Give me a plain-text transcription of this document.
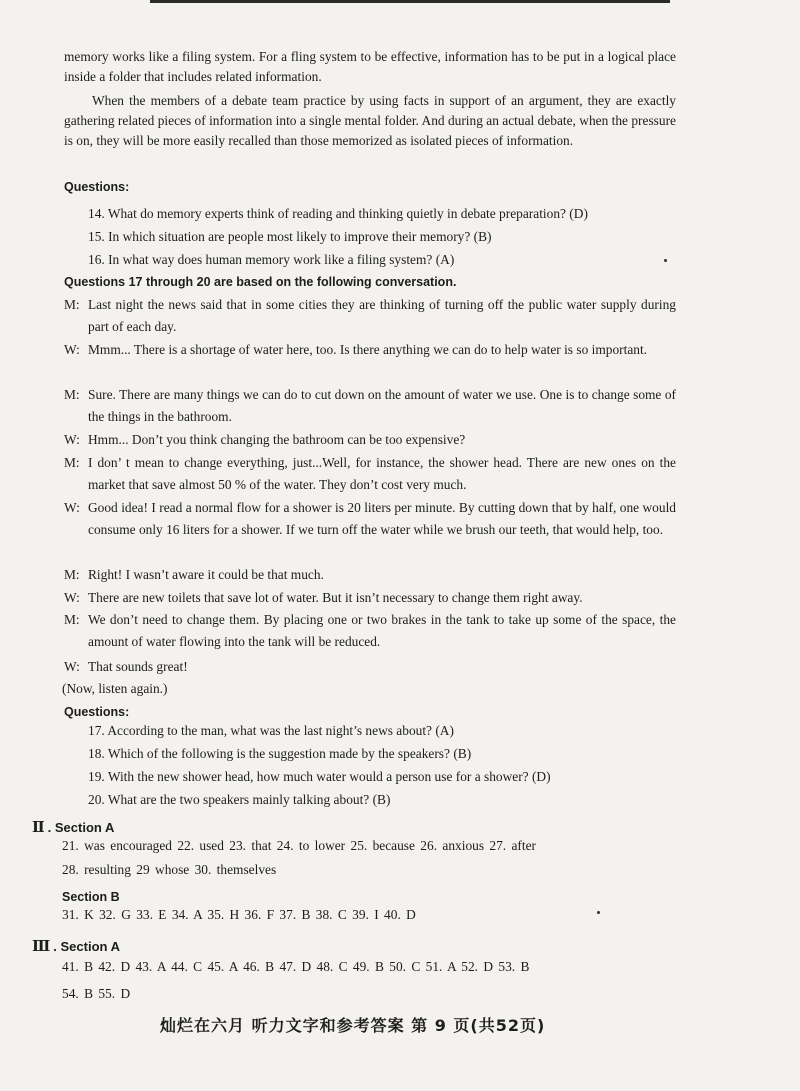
memory works like a filing system. For a fling system to be effective, information has to be put in a logical place inside a folder that includes related information.
When the members of a debate team practice by using facts in support of an argument, they are exactly gathering related pieces of information into a single mental folder. And during an actual debate, when the pressure is on, they will be more easily recalled than those memorized as isolated pieces of information.
Questions:
14. What do memory experts think of reading and thinking quietly in debate preparation? (D)
15. In which situation are people most likely to improve their memory? (B)
16. In what way does human memory work like a filing system? (A)
Questions 17 through 20 are based on the following conversation.
M: Last night the news said that in some cities they are thinking of turning off the public water supply during part of each day.
W: Mmm... There is a shortage of water here, too. Is there anything we can do to help water is so important.
M: Sure. There are many things we can do to cut down on the amount of water we use. One is to change some of the things in the bathroom.
W: Hmm... Don’t you think changing the bathroom can be too expensive?
M: I don’ t mean to change everything, just...Well, for instance, the shower head. There are new ones on the market that save almost 50 % of the water. They don’t cost very much.
W: Good idea! I read a normal flow for a shower is 20 liters per minute. By cutting down that by half, one would consume only 16 liters for a shower. If we turn off the water while we brush our teeth, that would help, too.
M: Right! I wasn’t aware it could be that much.
W: There are new toilets that save lot of water. But it isn’t necessary to change them right away.
M: We don’t need to change them. By placing one or two brakes in the tank to take up some of the space, the amount of water flowing into the tank will be reduced.
W: That sounds great!
(Now, listen again.)
Questions:
17. According to the man, what was the last night’s news about? (A)
18. Which of the following is the suggestion made by the speakers? (B)
19. With the new shower head, how much water would a person use for a shower? (D)
20. What are the two speakers mainly talking about? (B)
Ⅱ . Section A
21. was encouraged 22. used 23. that 24. to lower 25. because 26. anxious 27. after
28. resulting 29 whose 30. themselves
Section B
31. K 32. G 33. E 34. A 35. H 36. F 37. B 38. C 39. I 40. D
Ⅲ . Section A
41. B 42. D 43. A 44. C 45. A 46. B 47. D 48. C 49. B 50. C 51. A 52. D 53. B
54. B 55. D
灿烂在六月 听力文字和参考答案 第 9 页(共52页)
